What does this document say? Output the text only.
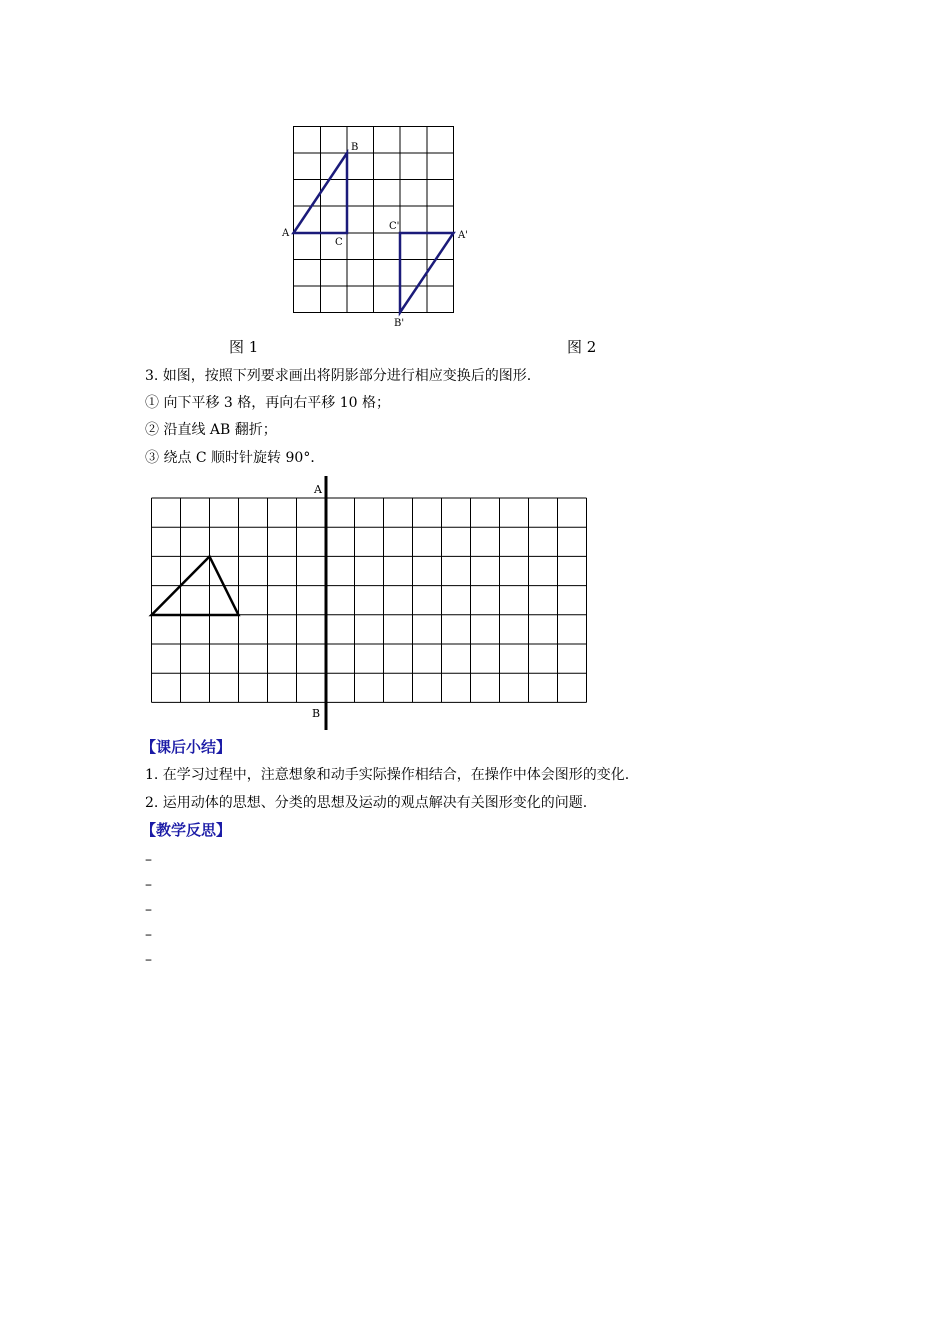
A
B
C
C'
A'
B'
图 1	图 2
3. 如图，按照下列要求画出将阴影部分进行相应变换后的图形.
① 向下平移 3 格，再向右平移 10 格；
② 沿直线 AB 翻折；
③ 绕点 C 顺时针旋转 90°．
A
B
【课后小结】
1. 在学习过程中，注意想象和动手实际操作相结合，在操作中体会图形的变化.
2. 运用动体的思想、分类的思想及运动的观点解决有关图形变化的问题.
【教学反思】
–
–
–
–
–
